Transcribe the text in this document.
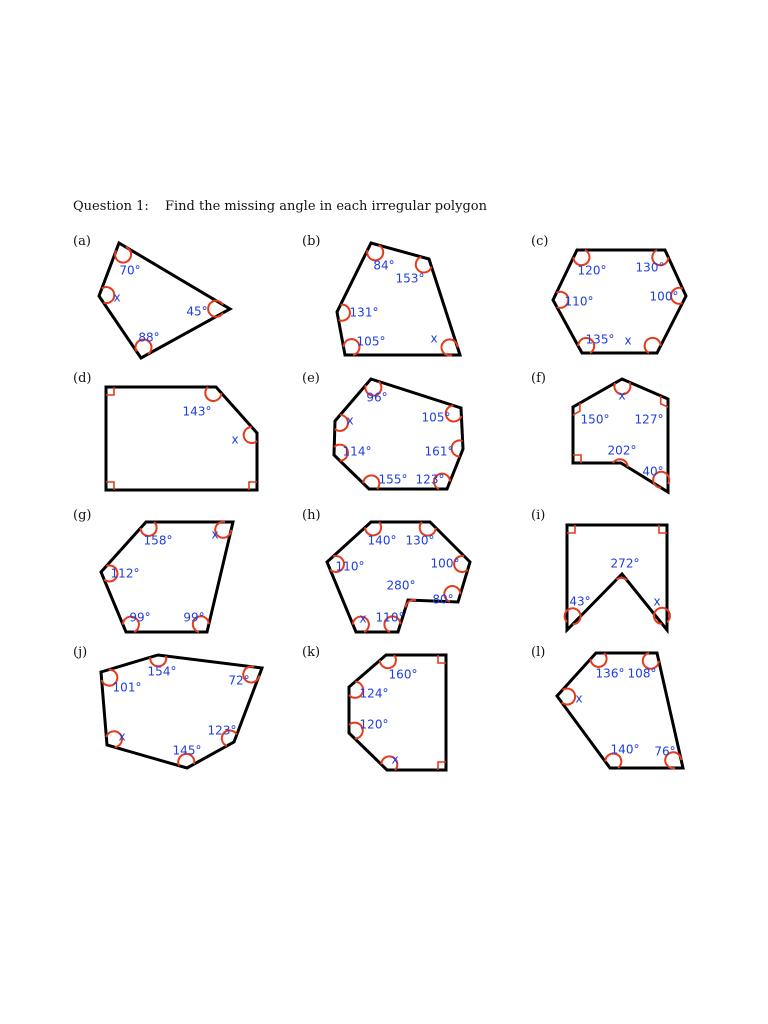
Question 1: Find the missing angle in each irregular polygon
(a)	(b)	(c)
(d)	(e)	(f)
(g)	(h)	(i)
(j)	(k)	(l)
70°
45°
88°
x
84°
153°
131°
105°	x
120° 130°
110°	100°
135° x
143°
x
96°
x	105°
114°	161°
155° 123°
x
150° 127°
202°
40°
158°	x
112°
99°	99°
140° 130°
110°	100°
280°
80°
x 110°
272°
43°	x
154°
101°	72°
123°
x
145°
160°
124°
120°
x
136° 108°
x
140° 76°
